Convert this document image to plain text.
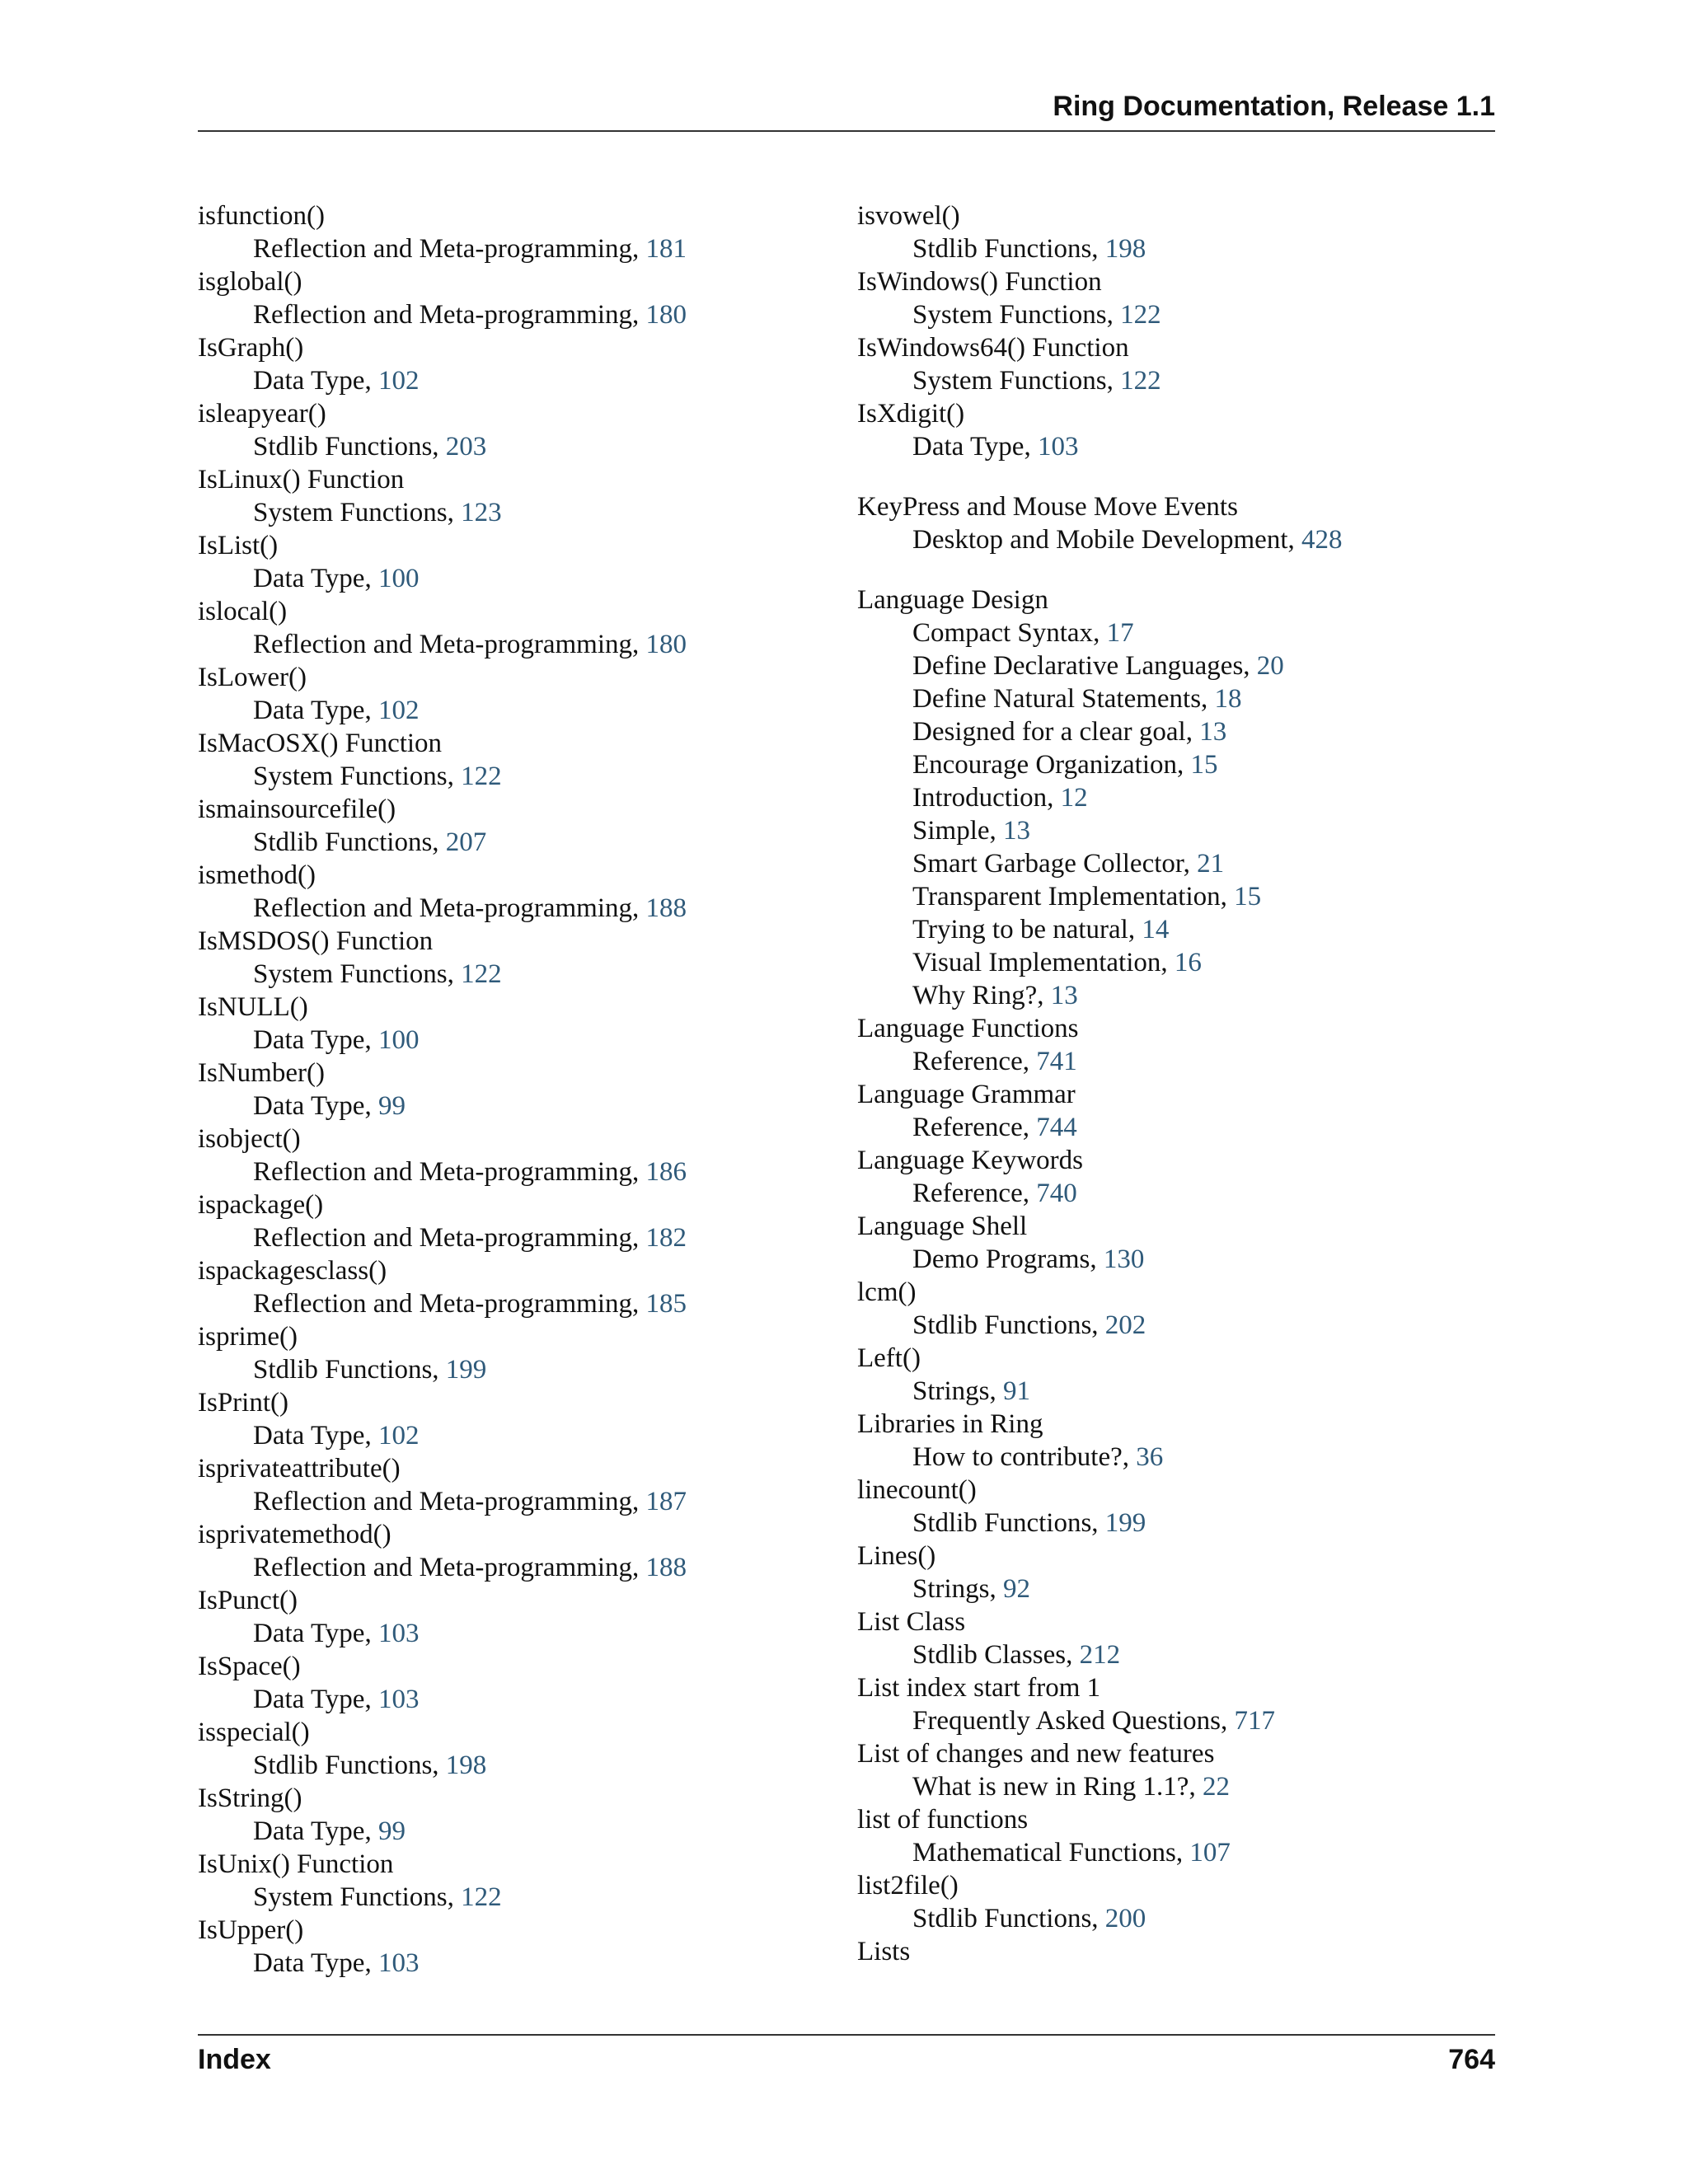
Ring Documentation, Release 1.1
isfunction()
Reflection and Meta-programming, 181
isglobal()
Reflection and Meta-programming, 180
IsGraph()
Data Type, 102
isleapyear()
Stdlib Functions, 203
IsLinux() Function
System Functions, 123
IsList()
Data Type, 100
islocal()
Reflection and Meta-programming, 180
IsLower()
Data Type, 102
IsMacOSX() Function
System Functions, 122
ismainsourcefile()
Stdlib Functions, 207
ismethod()
Reflection and Meta-programming, 188
IsMSDOS() Function
System Functions, 122
IsNULL()
Data Type, 100
IsNumber()
Data Type, 99
isobject()
Reflection and Meta-programming, 186
ispackage()
Reflection and Meta-programming, 182
ispackagesclass()
Reflection and Meta-programming, 185
isprime()
Stdlib Functions, 199
IsPrint()
Data Type, 102
isprivateattribute()
Reflection and Meta-programming, 187
isprivatemethod()
Reflection and Meta-programming, 188
IsPunct()
Data Type, 103
IsSpace()
Data Type, 103
isspecial()
Stdlib Functions, 198
IsString()
Data Type, 99
IsUnix() Function
System Functions, 122
IsUpper()
Data Type, 103
isvowel()
Stdlib Functions, 198
IsWindows() Function
System Functions, 122
IsWindows64() Function
System Functions, 122
IsXdigit()
Data Type, 103
KeyPress and Mouse Move Events
Desktop and Mobile Development, 428
Language Design
Compact Syntax, 17
Define Declarative Languages, 20
Define Natural Statements, 18
Designed for a clear goal, 13
Encourage Organization, 15
Introduction, 12
Simple, 13
Smart Garbage Collector, 21
Transparent Implementation, 15
Trying to be natural, 14
Visual Implementation, 16
Why Ring?, 13
Language Functions
Reference, 741
Language Grammar
Reference, 744
Language Keywords
Reference, 740
Language Shell
Demo Programs, 130
lcm()
Stdlib Functions, 202
Left()
Strings, 91
Libraries in Ring
How to contribute?, 36
linecount()
Stdlib Functions, 199
Lines()
Strings, 92
List Class
Stdlib Classes, 212
List index start from 1
Frequently Asked Questions, 717
List of changes and new features
What is new in Ring 1.1?, 22
list of functions
Mathematical Functions, 107
list2file()
Stdlib Functions, 200
Lists
Index	764
